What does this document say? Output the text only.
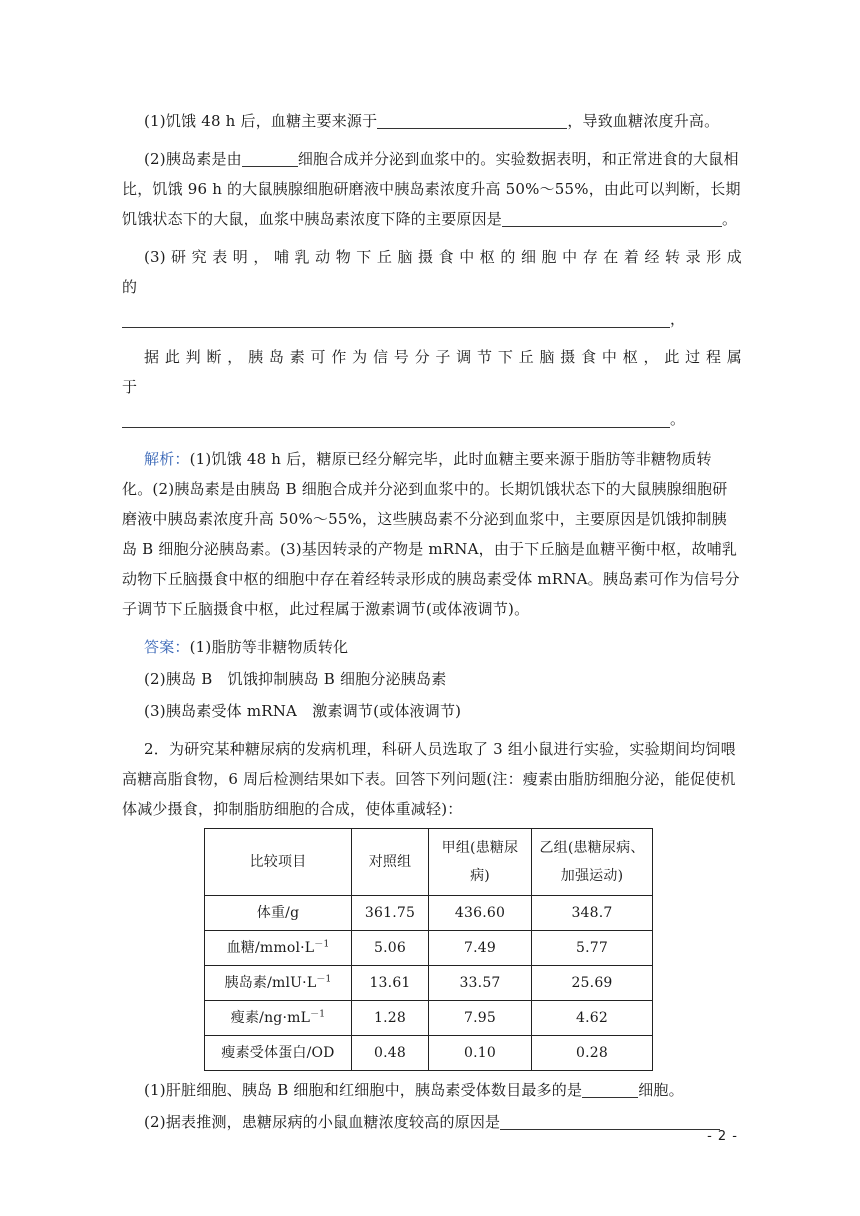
(1)饥饿 48 h 后，血糖主要来源于	，导致血糖浓度升高。

(2)胰岛素是由	细胞合成并分泌到血浆中的。实验数据表明，和正常进食的大鼠相比，饥饿 96 h 的大鼠胰腺细胞研磨液中胰岛素浓度升高 50%～55%，由此可以判断，长期饥饿状态下的大鼠，血浆中胰岛素浓度下降的主要原因是	。

(3) 研 究 表 明 ， 哺 乳 动 物 下 丘 脑 摄 食 中 枢 的 细 胞 中 存 在 着 经 转 录 形 成 的

，

据 此 判 断 ， 胰 岛 素 可 作 为 信 号 分 子 调 节 下 丘 脑 摄 食 中 枢 ， 此 过 程 属 于

。

解析：(1)饥饿 48 h 后，糖原已经分解完毕，此时血糖主要来源于脂肪等非糖物质转化。(2)胰岛素是由胰岛 B 细胞合成并分泌到血浆中的。长期饥饿状态下的大鼠胰腺细胞研磨液中胰岛素浓度升高 50%～55%，这些胰岛素不分泌到血浆中，主要原因是饥饿抑制胰岛 B 细胞分泌胰岛素。(3)基因转录的产物是 mRNA，由于下丘脑是血糖平衡中枢，故哺乳动物下丘脑摄食中枢的细胞中存在着经转录形成的胰岛素受体 mRNA。胰岛素可作为信号分子调节下丘脑摄食中枢，此过程属于激素调节(或体液调节)。

答案：(1)脂肪等非糖物质转化

(2)胰岛 B　饥饿抑制胰岛 B 细胞分泌胰岛素

(3)胰岛素受体 mRNA　激素调节(或体液调节)

2．为研究某种糖尿病的发病机理，科研人员选取了 3 组小鼠进行实验，实验期间均饲喂高糖高脂食物，6 周后检测结果如下表。回答下列问题(注：瘦素由脂肪细胞分泌，能促使机体减少摄食，抑制脂肪细胞的合成，使体重减轻)：

比较项目	对照组	甲组(患糖尿病)	乙组(患糖尿病、加强运动)
体重/g	361.75	436.60	348.7
血糖$/mmol\cdot L^{-1}$	5.06	7.49	5.77
胰岛素$/mlU\cdot L^{-1}$	13.61	33.57	25.69
瘦素$/ng\cdot mL^{-1}$	1.28	7.95	4.62
瘦素受体蛋白/OD	0.48	0.10	0.28

(1)肝脏细胞、胰岛 B 细胞和红细胞中，胰岛素受体数目最多的是	细胞。

(2)据表推测，患糖尿病的小鼠血糖浓度较高的原因是

- 2 -
